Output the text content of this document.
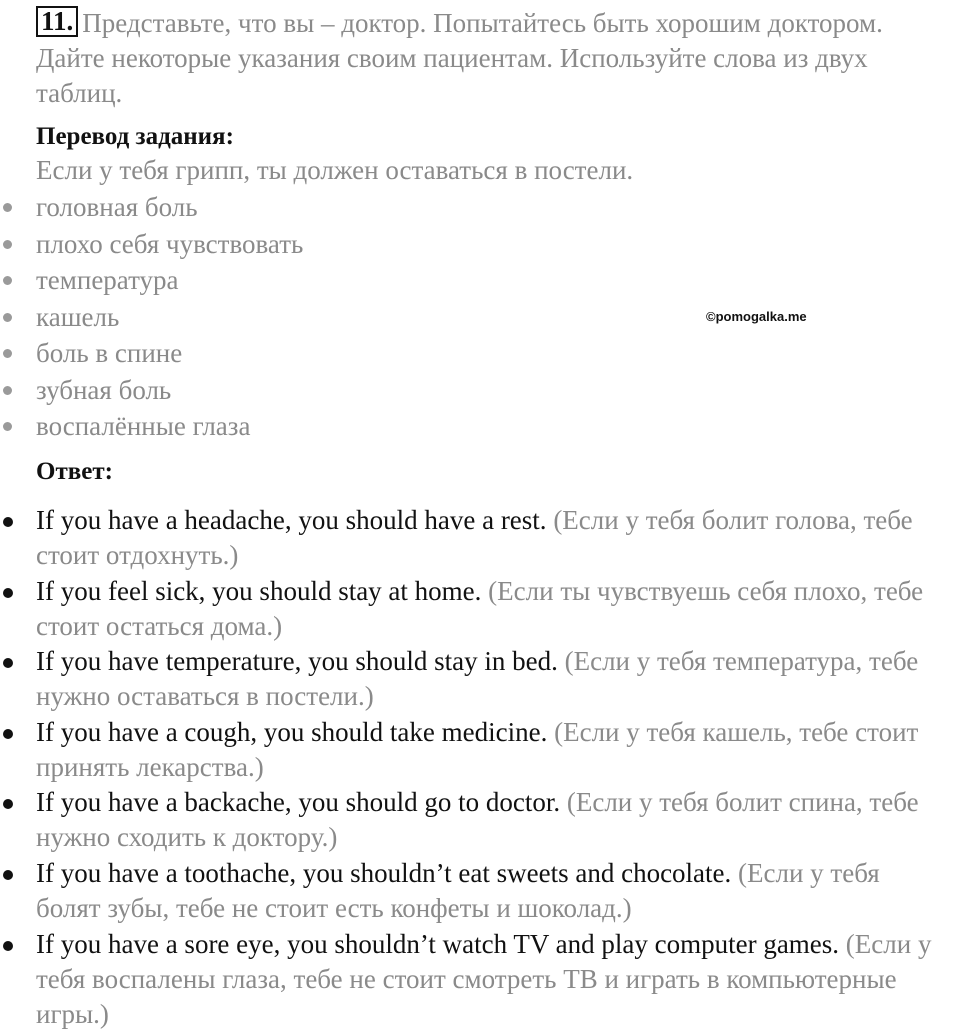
11. Представьте, что вы – доктор. Попытайтесь быть хорошим доктором. Дайте некоторые указания своим пациентам. Используйте слова из двух таблиц.
Перевод задания:
Если у тебя грипп, ты должен оставаться в постели.
головная боль
плохо себя чувствовать
температура
кашель
боль в спине
зубная боль
воспалённые глаза
©pomogalka.me
Ответ:
If you have a headache, you should have a rest. (Если у тебя болит голова, тебе стоит отдохнуть.)
If you feel sick, you should stay at home. (Если ты чувствуешь себя плохо, тебе стоит остаться дома.)
If you have temperature, you should stay in bed. (Если у тебя температура, тебе нужно оставаться в постели.)
If you have a cough, you should take medicine. (Если у тебя кашель, тебе стоит принять лекарства.)
If you have a backache, you should go to doctor. (Если у тебя болит спина, тебе нужно сходить к доктору.)
If you have a toothache, you shouldn’t eat sweets and chocolate. (Если у тебя болят зубы, тебе не стоит есть конфеты и шоколад.)
If you have a sore eye, you shouldn’t watch TV and play computer games. (Если у тебя воспалены глаза, тебе не стоит смотреть ТВ и играть в компьютерные игры.)
